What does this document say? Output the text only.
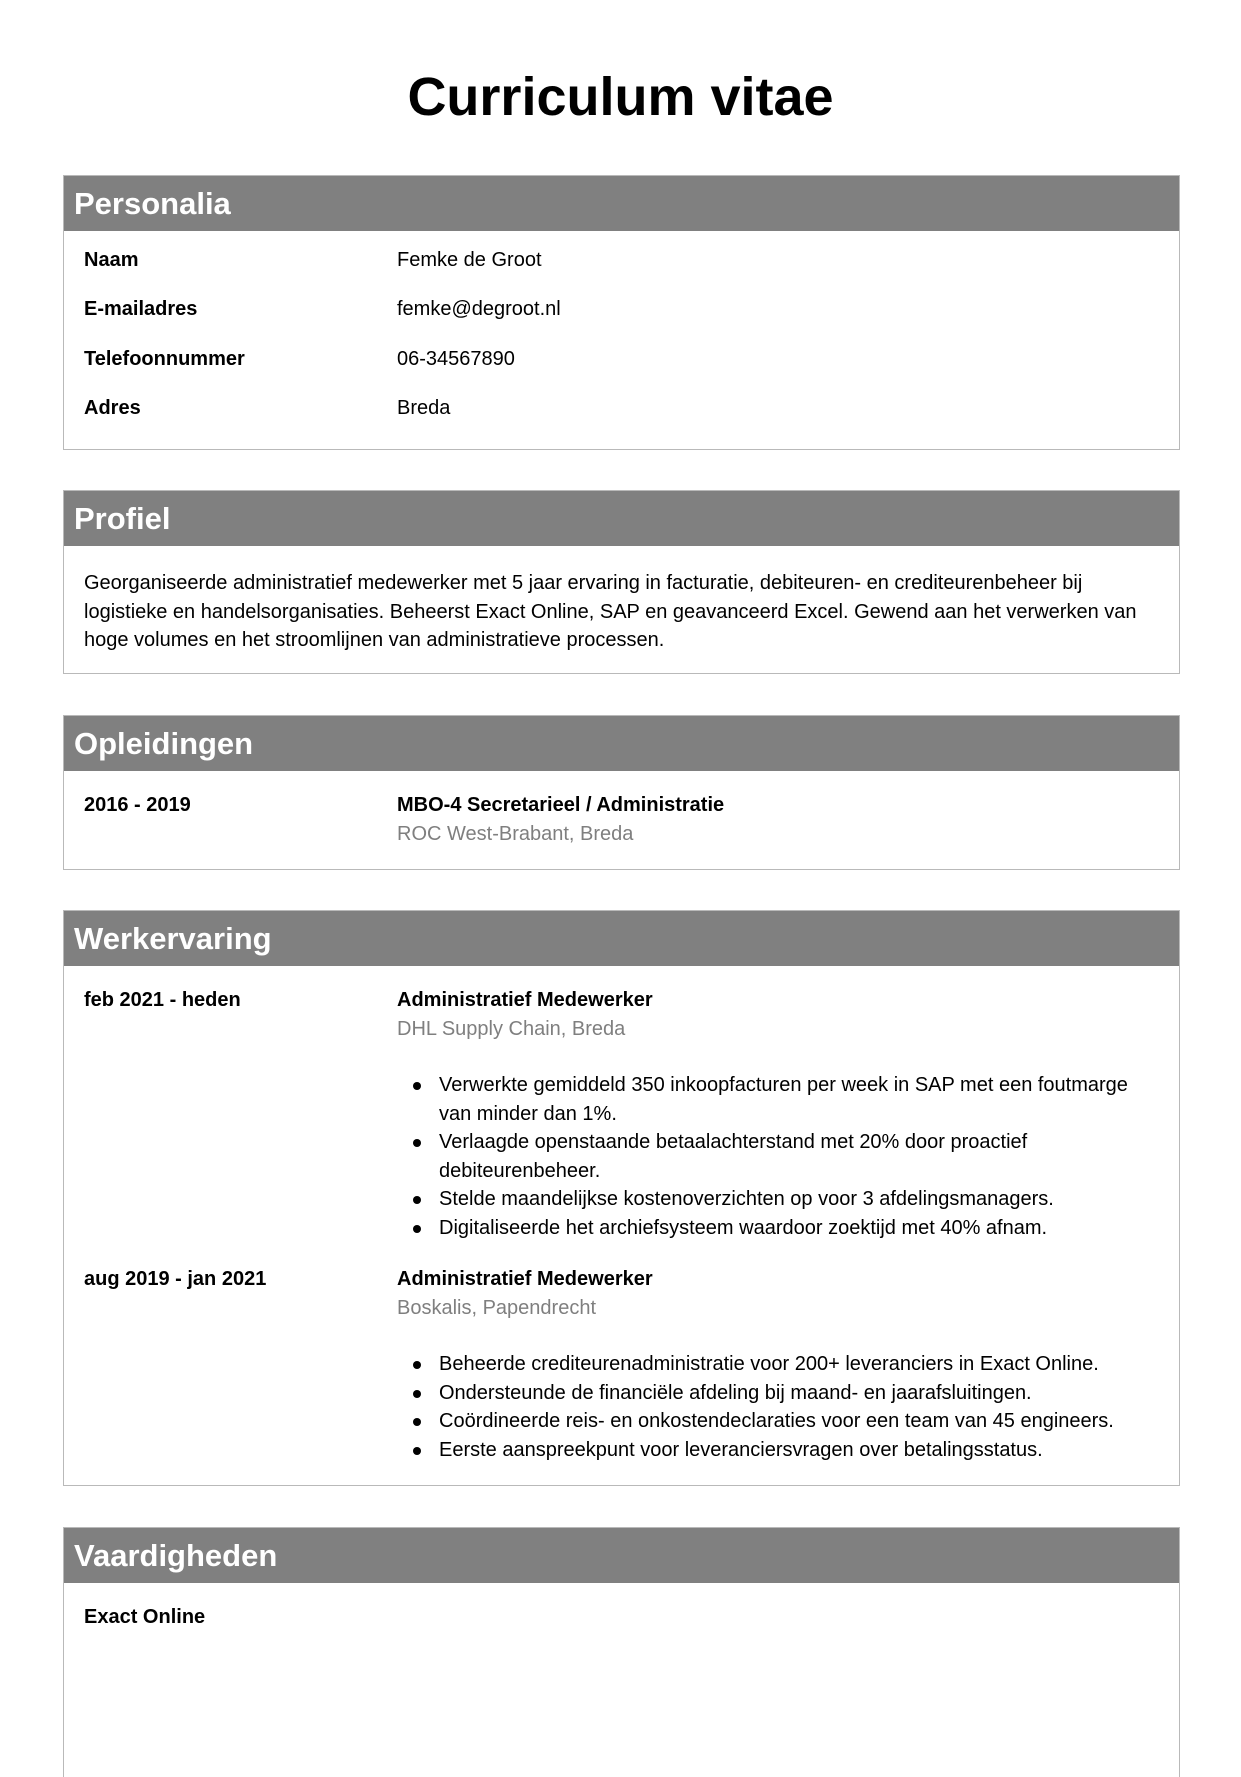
Curriculum vitae
Personalia
Naam	Femke de Groot
E-mailadres	femke@degroot.nl
Telefoonnummer	06-34567890
Adres	Breda
Profiel
Georganiseerde administratief medewerker met 5 jaar ervaring in facturatie, debiteuren- en crediteurenbeheer bij logistieke en handelsorganisaties. Beheerst Exact Online, SAP en geavanceerd Excel. Gewend aan het verwerken van hoge volumes en het stroomlijnen van administratieve processen.
Opleidingen
2016 - 2019	MBO-4 Secretarieel / Administratie
ROC West-Brabant, Breda
Werkervaring
feb 2021 - heden	Administratief Medewerker
DHL Supply Chain, Breda
Verwerkte gemiddeld 350 inkoopfacturen per week in SAP met een foutmarge van minder dan 1%.
Verlaagde openstaande betaalachterstand met 20% door proactief debiteurenbeheer.
Stelde maandelijkse kostenoverzichten op voor 3 afdelingsmanagers.
Digitaliseerde het archiefsysteem waardoor zoektijd met 40% afnam.
aug 2019 - jan 2021	Administratief Medewerker
Boskalis, Papendrecht
Beheerde crediteurenadministratie voor 200+ leveranciers in Exact Online.
Ondersteunde de financiële afdeling bij maand- en jaarafsluitingen.
Coördineerde reis- en onkostendeclaraties voor een team van 45 engineers.
Eerste aanspreekpunt voor leveranciersvragen over betalingsstatus.
Vaardigheden
Exact Online
